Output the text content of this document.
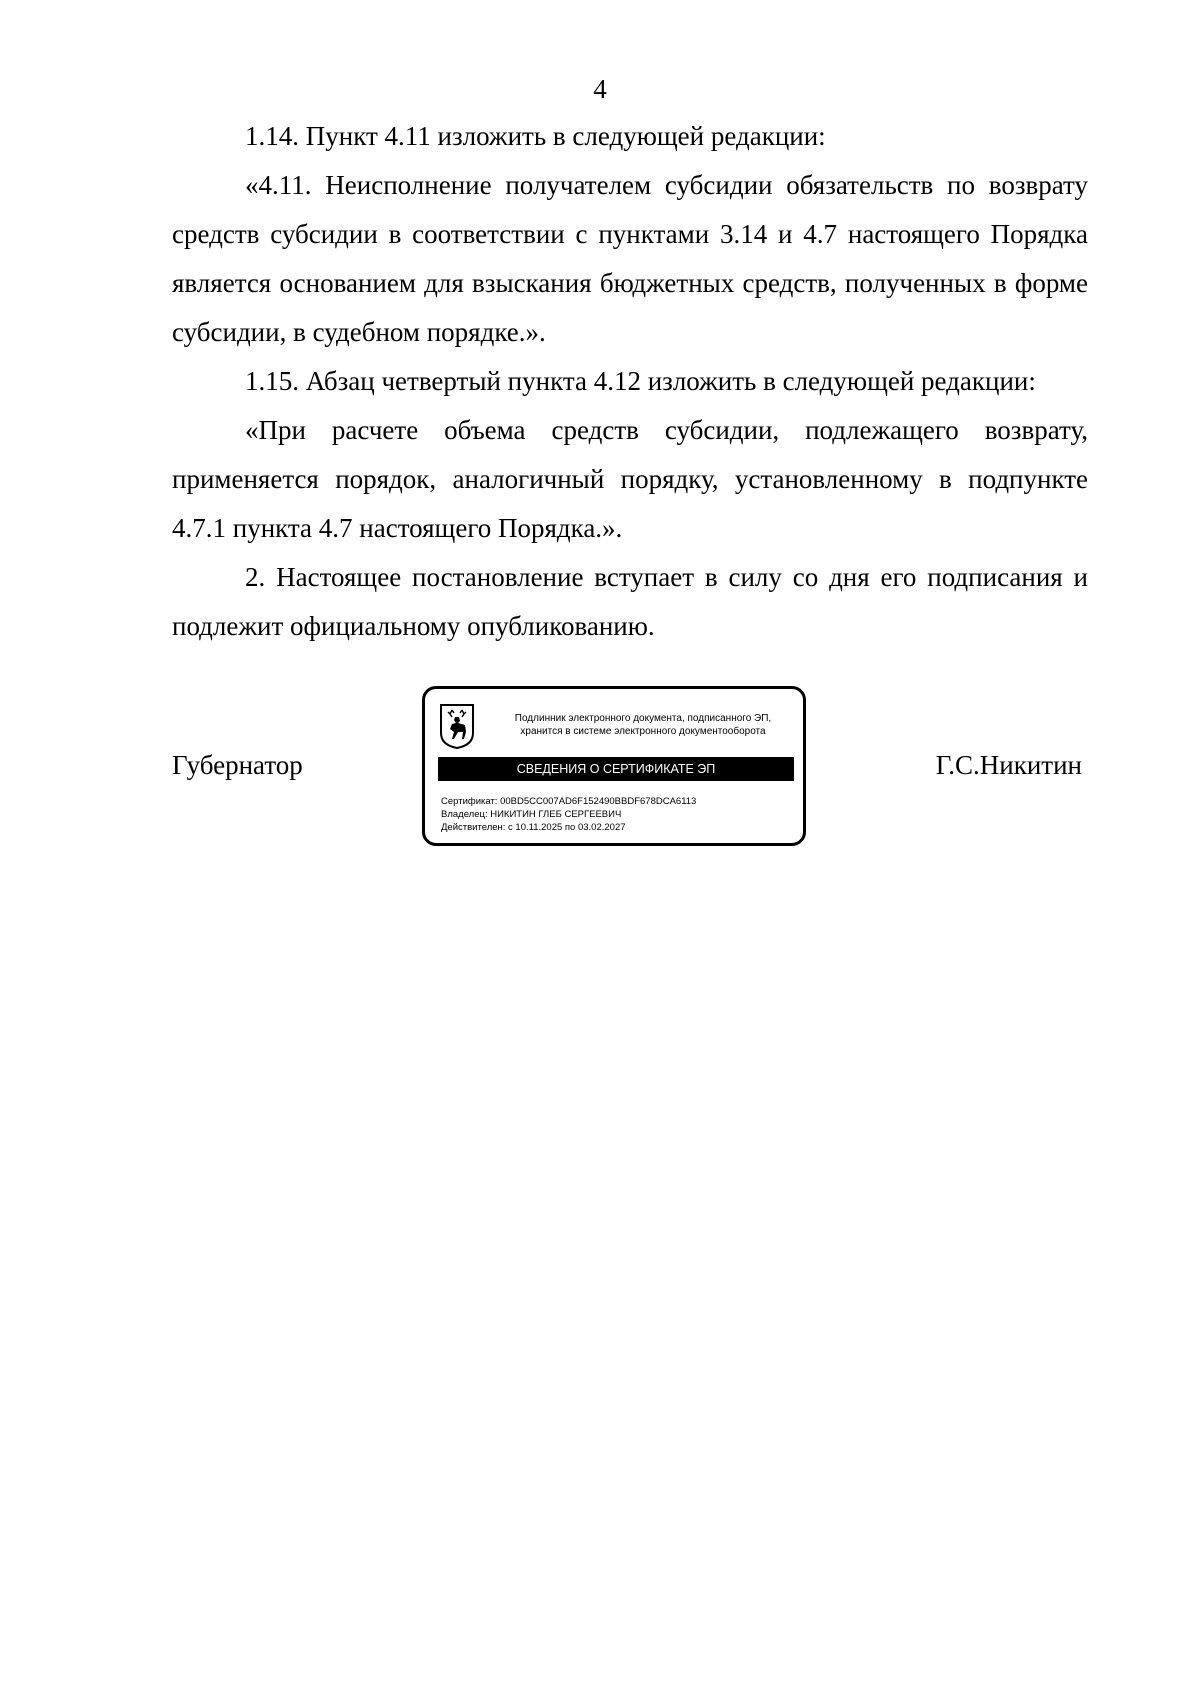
4

1.14. Пункт 4.11 изложить в следующей редакции:

«4.11. Неисполнение получателем субсидии обязательств по возврату средств субсидии в соответствии с пунктами 3.14 и 4.7 настоящего Порядка является основанием для взыскания бюджетных средств, полученных в форме субсидии, в судебном порядке.».

1.15. Абзац четвертый пункта 4.12 изложить в следующей редакции:

«При расчете объема средств субсидии, подлежащего возврату, применяется порядок, аналогичный порядку, установленному в подпункте 4.7.1 пункта 4.7 настоящего Порядка.».

2. Настоящее постановление вступает в силу со дня его подписания и подлежит официальному опубликованию.

Губернатор
Подлинник электронного документа, подписанного ЭП,
хранится в системе электронного документооборота
СВЕДЕНИЯ О СЕРТИФИКАТЕ ЭП
Сертификат: 00BD5CC007AD6F152490BBDF678DCA6113
Владелец: НИКИТИН ГЛЕБ СЕРГЕЕВИЧ
Действителен: с 10.11.2025 по 03.02.2027
Г.С.Никитин
